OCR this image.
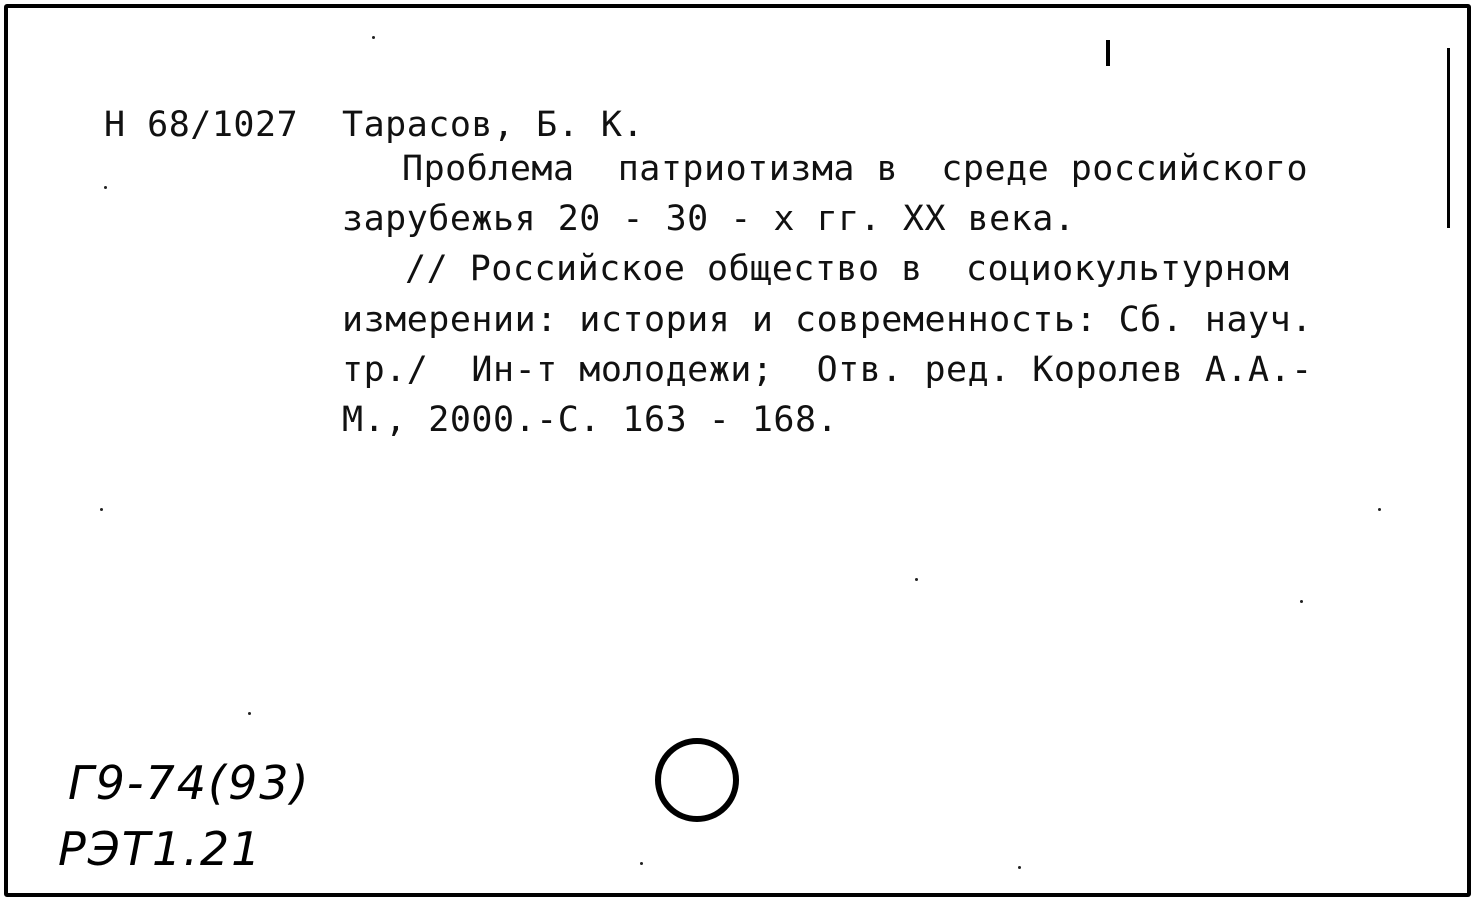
Н 68/1027 Тарасов, Б. К.
Проблема  патриотизма в  среде российского
зарубежья 20 - 30 - х гг. XX века.
// Российское общество в  социокультурном
измерении: история и современность: Сб. науч.
тр./  Ин-т молодежи;  Отв. ред. Королев А.А.-
М., 2000.-С. 163 - 168.
Г9-74(93)
РЭТ1.21
